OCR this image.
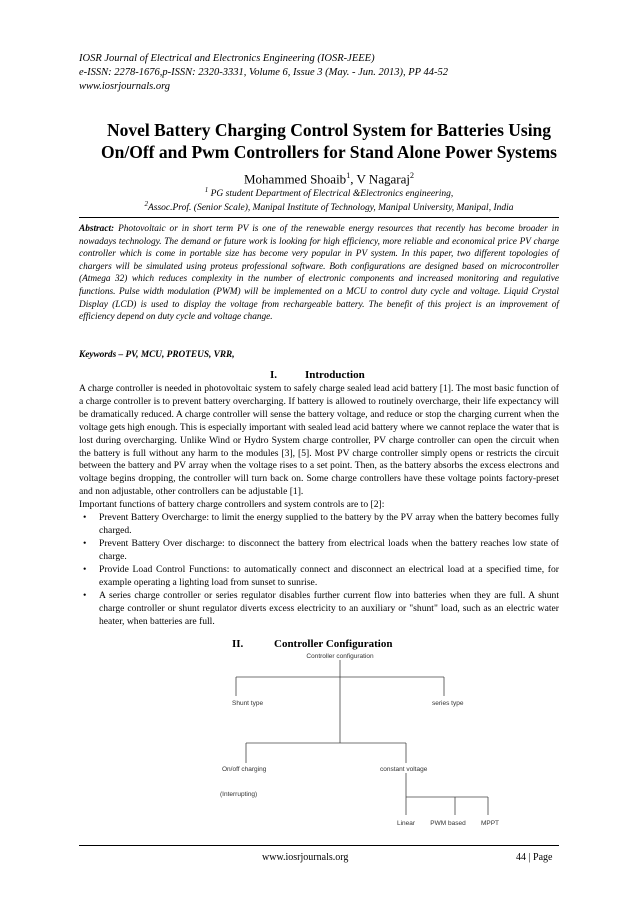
IOSR Journal of Electrical and Electronics Engineering (IOSR-JEEE)
e-ISSN: 2278-1676,p-ISSN: 2320-3331, Volume 6, Issue 3 (May. - Jun. 2013), PP 44-52
www.iosrjournals.org
Novel Battery Charging Control System for Batteries Using
On/Off and Pwm Controllers for Stand Alone Power Systems
Mohammed Shoaib$^1$, V Nagaraj$^2$
$^1$ PG student Department of Electrical &Electronics engineering,
$^2$Assoc.Prof. (Senior Scale), Manipal Institute of Technology, Manipal University, Manipal, India
Abstract: Photovoltaic or in short term PV is one of the renewable energy resources that recently has become broader in nowadays technology. The demand or future work is looking for high efficiency, more reliable and economical price PV charge controller which is come in portable size has become very popular in PV system. In this paper, two different topologies of chargers will be simulated using proteus professional software. Both configurations are designed based on microcontroller (Atmega 32) which reduces complexity in the number of electronic components and increased monitoring and regulative functions. Pulse width modulation (PWM) will be implemented on a MCU to control duty cycle and voltage. Liquid Crystal Display (LCD) is used to display the voltage from rechargeable battery. The benefit of this project is an improvement of efficiency depend on duty cycle and voltage change.
Keywords – PV, MCU, PROTEUS, VRR,
I.	Introduction
A charge controller is needed in photovoltaic system to safely charge sealed lead acid battery [1]. The most basic function of a charge controller is to prevent battery overcharging. If battery is allowed to routinely overcharge, their life expectancy will be dramatically reduced. A charge controller will sense the battery voltage, and reduce or stop the charging current when the voltage gets high enough. This is especially important with sealed lead acid battery where we cannot replace the water that is lost during overcharging. Unlike Wind or Hydro System charge controller, PV charge controller can open the circuit when the battery is full without any harm to the modules [3], [5]. Most PV charge controller simply opens or restricts the circuit between the battery and PV array when the voltage rises to a set point. Then, as the battery absorbs the excess electrons and voltage begins dropping, the controller will turn back on. Some charge controllers have these voltage points factory-preset and non adjustable, other controllers can be adjustable [1].
Important functions of battery charge controllers and system controls are to [2]:
• Prevent Battery Overcharge: to limit the energy supplied to the battery by the PV array when the battery becomes fully charged.
• Prevent Battery Over discharge: to disconnect the battery from electrical loads when the battery reaches low state of charge.
• Provide Load Control Functions: to automatically connect and disconnect an electrical load at a specified time, for example operating a lighting load from sunset to sunrise.
• A series charge controller or series regulator disables further current flow into batteries when they are full. A shunt charge controller or shunt regulator diverts excess electricity to an auxiliary or "shunt" load, such as an electric water heater, when batteries are full.
II.	Controller Configuration
Controller configuration
Shunt type	series type
On/off charging
(Interrupting)
constant voltage
Linear PWM based MPPT
www.iosrjournals.org	44 | Page
